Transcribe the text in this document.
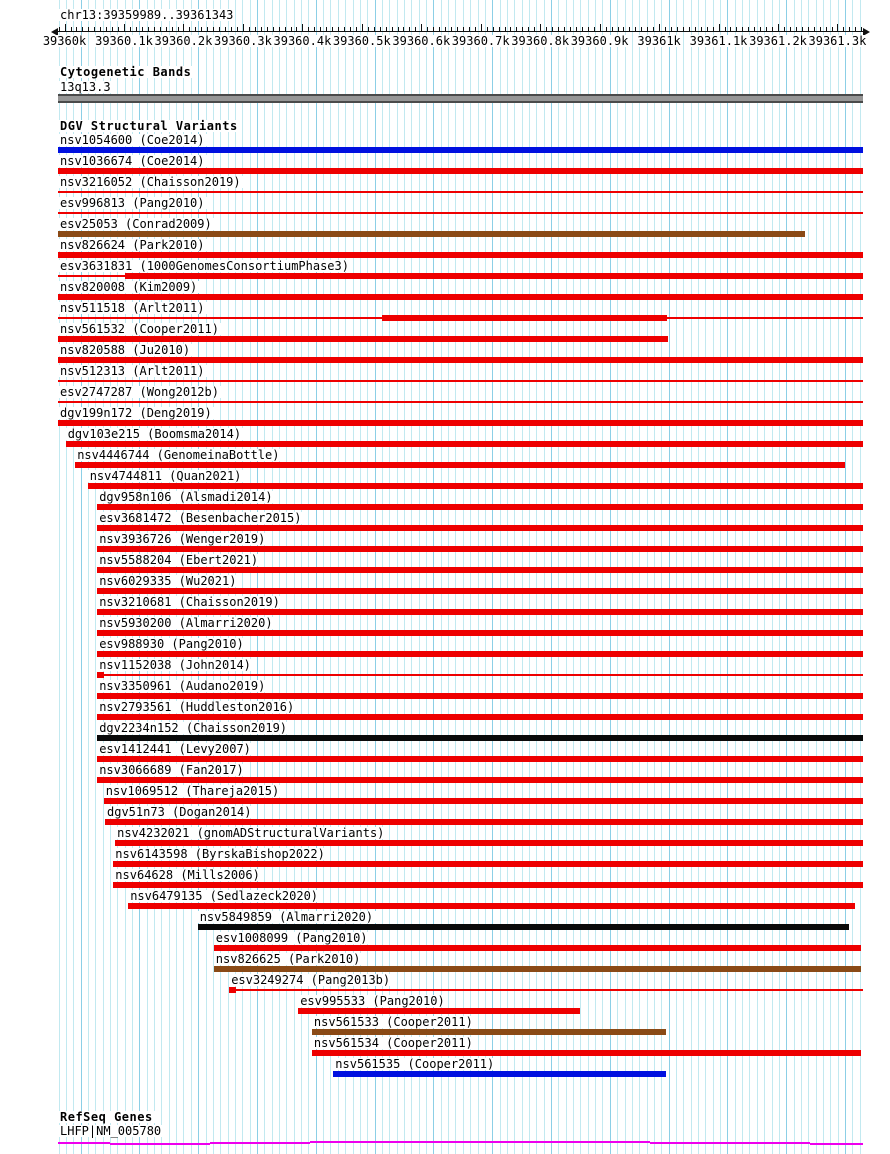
chr13:39359989..39361343
39360k 39360.1k 39360.2k 39360.3k 39360.4k 39360.5k 39360.6k 39360.7k 39360.8k 39360.9k 39361k 39361.1k 39361.2k 39361.3k
Cytogenetic Bands
13q13.3
DGV Structural Variants
nsv1054600 (Coe2014)
nsv1036674 (Coe2014)
nsv3216052 (Chaisson2019)
esv996813 (Pang2010)
esv25053 (Conrad2009)
nsv826624 (Park2010)
esv3631831 (1000GenomesConsortiumPhase3)
nsv820008 (Kim2009)
nsv511518 (Arlt2011)
nsv561532 (Cooper2011)
nsv820588 (Ju2010)
nsv512313 (Arlt2011)
esv2747287 (Wong2012b)
dgv199n172 (Deng2019)
dgv103e215 (Boomsma2014)
nsv4446744 (GenomeinaBottle)
nsv4744811 (Quan2021)
dgv958n106 (Alsmadi2014)
esv3681472 (Besenbacher2015)
nsv3936726 (Wenger2019)
nsv5588204 (Ebert2021)
nsv6029335 (Wu2021)
nsv3210681 (Chaisson2019)
nsv5930200 (Almarri2020)
esv988930 (Pang2010)
nsv1152038 (John2014)
nsv3350961 (Audano2019)
nsv2793561 (Huddleston2016)
dgv2234n152 (Chaisson2019)
esv1412441 (Levy2007)
nsv3066689 (Fan2017)
nsv1069512 (Thareja2015)
dgv51n73 (Dogan2014)
nsv4232021 (gnomADStructuralVariants)
nsv6143598 (ByrskaBishop2022)
nsv64628 (Mills2006)
nsv6479135 (Sedlazeck2020)
nsv5849859 (Almarri2020)
esv1008099 (Pang2010)
nsv826625 (Park2010)
esv3249274 (Pang2013b)
esv995533 (Pang2010)
nsv561533 (Cooper2011)
nsv561534 (Cooper2011)
nsv561535 (Cooper2011)
RefSeq Genes
LHFP|NM_005780
